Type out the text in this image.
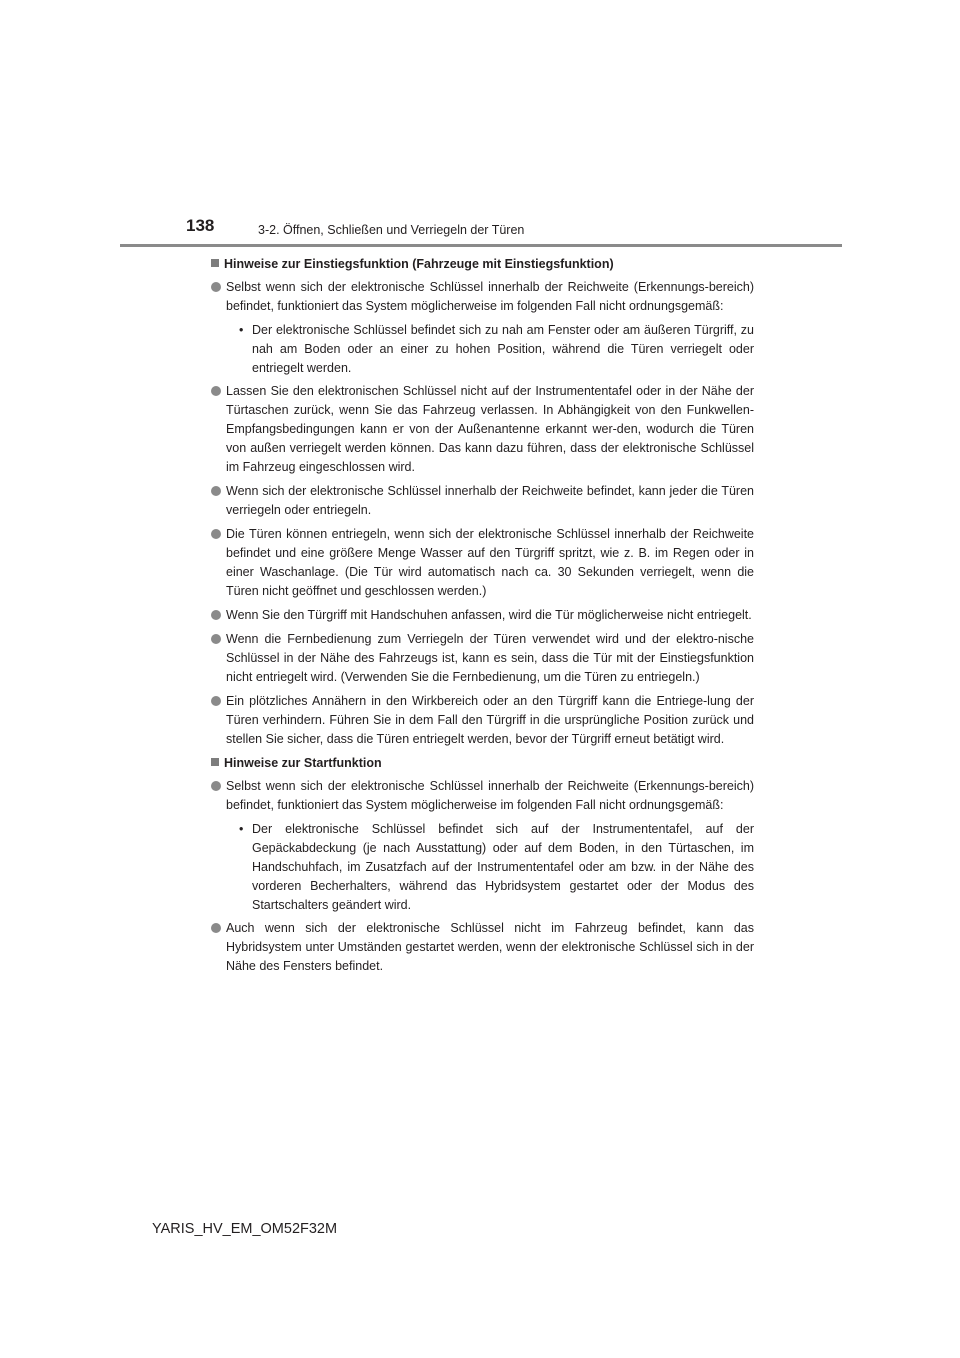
138	3-2. Öffnen, Schließen und Verriegeln der Türen
Hinweise zur Einstiegsfunktion (Fahrzeuge mit Einstiegsfunktion)
Selbst wenn sich der elektronische Schlüssel innerhalb der Reichweite (Erkennungs-bereich) befindet, funktioniert das System möglicherweise im folgenden Fall nicht ordnungsgemäß:
• Der elektronische Schlüssel befindet sich zu nah am Fenster oder am äußeren Türgriff, zu nah am Boden oder an einer zu hohen Position, während die Türen verriegelt oder entriegelt werden.
Lassen Sie den elektronischen Schlüssel nicht auf der Instrumententafel oder in der Nähe der Türtaschen zurück, wenn Sie das Fahrzeug verlassen. In Abhängigkeit von den Funkwellen-Empfangsbedingungen kann er von der Außenantenne erkannt wer-den, wodurch die Türen von außen verriegelt werden können. Das kann dazu führen, dass der elektronische Schlüssel im Fahrzeug eingeschlossen wird.
Wenn sich der elektronische Schlüssel innerhalb der Reichweite befindet, kann jeder die Türen verriegeln oder entriegeln.
Die Türen können entriegeln, wenn sich der elektronische Schlüssel innerhalb der Reichweite befindet und eine größere Menge Wasser auf den Türgriff spritzt, wie z. B. im Regen oder in einer Waschanlage. (Die Tür wird automatisch nach ca. 30 Sekunden verriegelt, wenn die Türen nicht geöffnet und geschlossen werden.)
Wenn Sie den Türgriff mit Handschuhen anfassen, wird die Tür möglicherweise nicht entriegelt.
Wenn die Fernbedienung zum Verriegeln der Türen verwendet wird und der elektro-nische Schlüssel in der Nähe des Fahrzeugs ist, kann es sein, dass die Tür mit der Einstiegsfunktion nicht entriegelt wird. (Verwenden Sie die Fernbedienung, um die Türen zu entriegeln.)
Ein plötzliches Annähern in den Wirkbereich oder an den Türgriff kann die Entriege-lung der Türen verhindern. Führen Sie in dem Fall den Türgriff in die ursprüngliche Position zurück und stellen Sie sicher, dass die Türen entriegelt werden, bevor der Türgriff erneut betätigt wird.
Hinweise zur Startfunktion
Selbst wenn sich der elektronische Schlüssel innerhalb der Reichweite (Erkennungs-bereich) befindet, funktioniert das System möglicherweise im folgenden Fall nicht ordnungsgemäß:
• Der elektronische Schlüssel befindet sich auf der Instrumententafel, auf der Gepäckabdeckung (je nach Ausstattung) oder auf dem Boden, in den Türtaschen, im Handschuhfach, im Zusatzfach auf der Instrumententafel oder am bzw. in der Nähe des vorderen Becherhalters, während das Hybridsystem gestartet oder der Modus des Startschalters geändert wird.
Auch wenn sich der elektronische Schlüssel nicht im Fahrzeug befindet, kann das Hybridsystem unter Umständen gestartet werden, wenn der elektronische Schlüssel sich in der Nähe des Fensters befindet.

YARIS_HV_EM_OM52F32M
